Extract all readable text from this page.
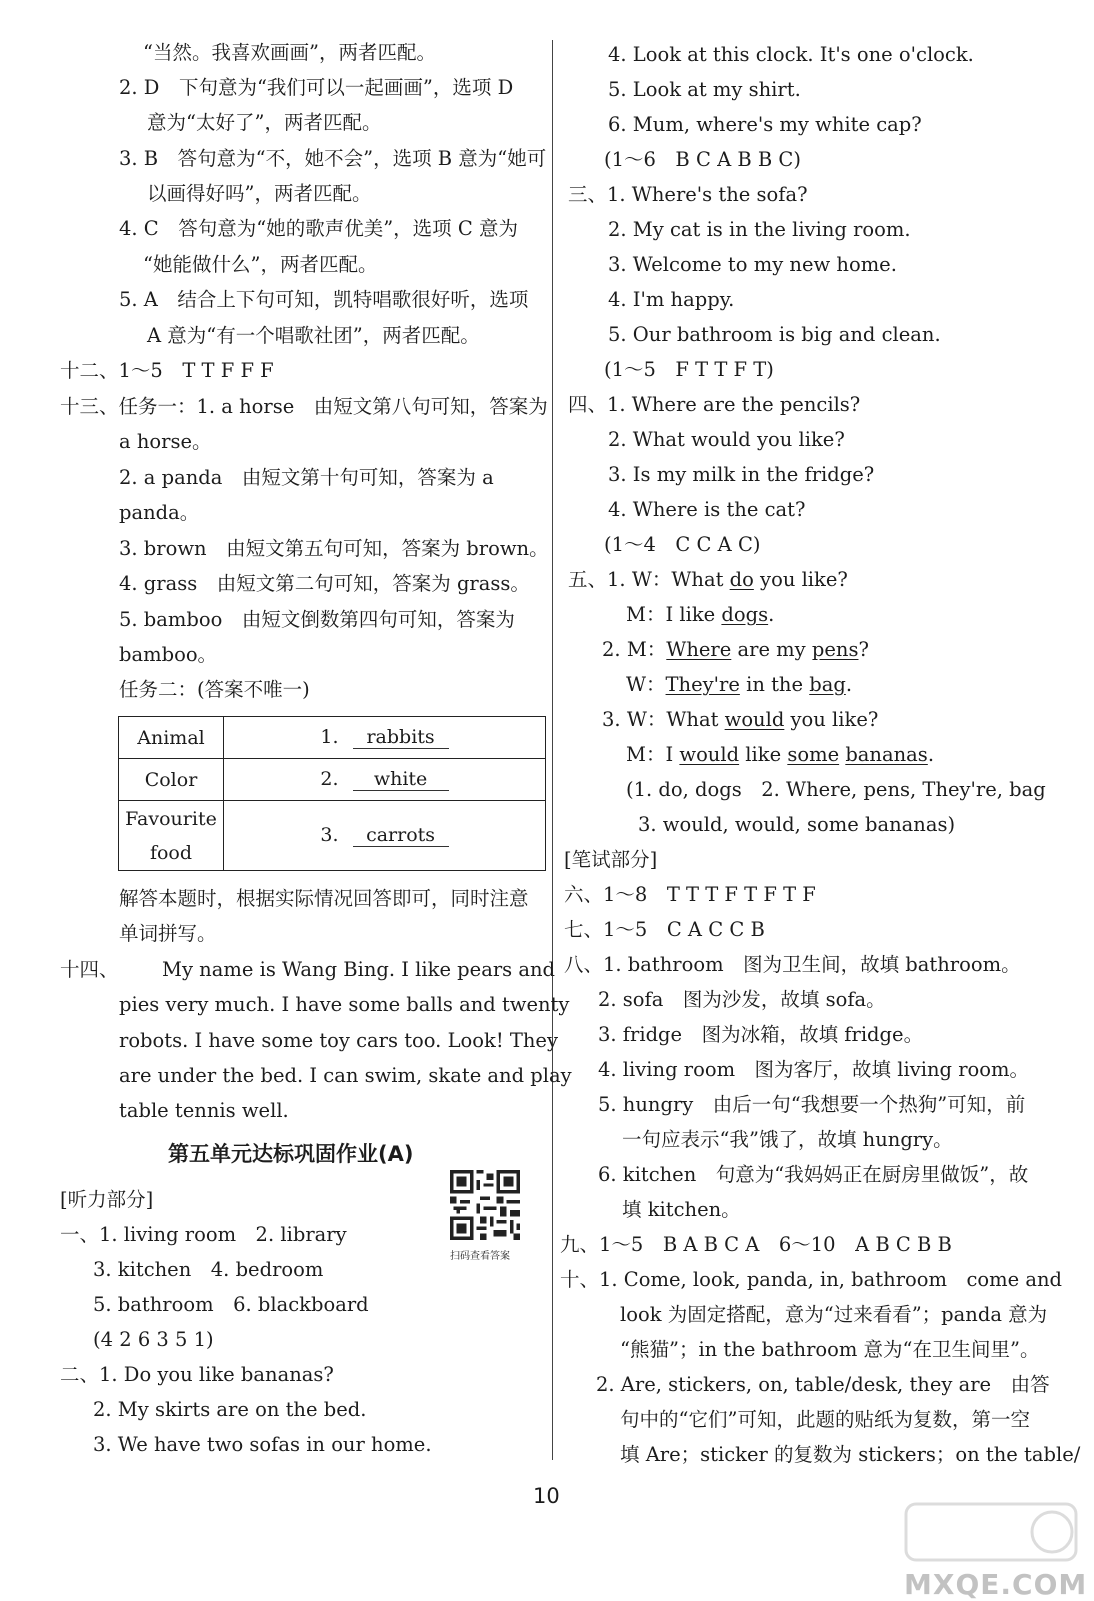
“当然。我喜欢画画”，两者匹配。
2. D　下句意为“我们可以一起画画”，选项 D
意为“太好了”，两者匹配。
3. B　答句意为“不，她不会”，选项 B 意为“她可
以画得好吗”，两者匹配。
4. C　答句意为“她的歌声优美”，选项 C 意为
“她能做什么”，两者匹配。
5. A　结合上下句可知，凯特唱歌很好听，选项
A 意为“有一个唱歌社团”，两者匹配。
十二、1～5　T T F F F
十三、任务一：1. a horse　由短文第八句可知，答案为
a horse。
2. a panda　由短文第十句可知，答案为 a
panda。
3. brown　由短文第五句可知，答案为 brown。
4. grass　由短文第二句可知，答案为 grass。
5. bamboo　由短文倒数第四句可知，答案为
bamboo。
任务二：(答案不唯一)
Animal	1. rabbits
Color	2. white
Favourite
food	3. carrots
解答本题时，根据实际情况回答即可，同时注意
单词拼写。
十四、 My name is Wang Bing. I like pears and
pies very much. I have some balls and twenty
robots. I have some toy cars too. Look! They
are under the bed. I can swim, skate and play
table tennis well.
第五单元达标巩固作业(A)
扫码查看答案
[听力部分]
一、1. living room　2. library
3. kitchen　4. bedroom
5. bathroom　6. blackboard
(4 2 6 3 5 1)
二、1. Do you like bananas?
2. My skirts are on the bed.
3. We have two sofas in our home.
4. Look at this clock. It's one o'clock.
5. Look at my shirt.
6. Mum, where's my white cap?
(1～6　B C A B B C)
三、1. Where's the sofa?
2. My cat is in the living room.
3. Welcome to my new home.
4. I'm happy.
5. Our bathroom is big and clean.
(1～5　F T T F T)
四、1. Where are the pencils?
2. What would you like?
3. Is my milk in the fridge?
4. Where is the cat?
(1～4　C C A C)
五、1. W：What do you like?
M：I like dogs.
2. M：Where are my pens?
W：They're in the bag.
3. W：What would you like?
M：I would like some bananas.
(1. do, dogs　2. Where, pens, They're, bag
3. would, would, some bananas)
[笔试部分]
六、1～8　T T T F T F T F
七、1～5　C A C C B
八、1. bathroom　图为卫生间，故填 bathroom。
2. sofa　图为沙发，故填 sofa。
3. fridge　图为冰箱，故填 fridge。
4. living room　图为客厅，故填 living room。
5. hungry　由后一句“我想要一个热狗”可知，前
一句应表示“我”饿了，故填 hungry。
6. kitchen　句意为“我妈妈正在厨房里做饭”，故
填 kitchen。
九、1～5　B A B C A　6～10　A B C B B
十、1. Come, look, panda, in, bathroom　come and
look 为固定搭配，意为“过来看看”；panda 意为
“熊猫”；in the bathroom 意为“在卫生间里”。
2. Are, stickers, on, table/desk, they are　由答
句中的“它们”可知，此题的贴纸为复数，第一空
填 Are；sticker 的复数为 stickers；on the table/
10
MXQE.COM
